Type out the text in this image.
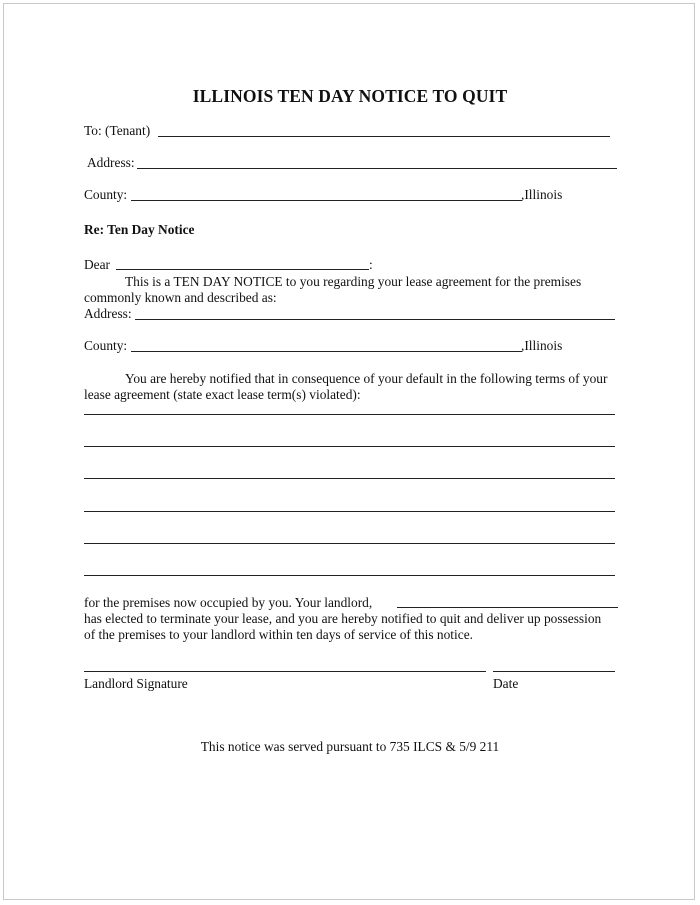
ILLINOIS TEN DAY NOTICE TO QUIT
To: (Tenant)
Address:
County:	,Illinois
Re: Ten Day Notice
Dear	:
This is a TEN DAY NOTICE to you regarding your lease agreement for the premises
commonly known and described as:
Address:
County:	,Illinois
You are hereby notified that in consequence of your default in the following terms of your
lease agreement (state exact lease term(s) violated):
for the premises now occupied by you. Your landlord,
has elected to terminate your lease, and you are hereby notified to quit and deliver up possession
of the premises to your landlord within ten days of service of this notice.
Landlord Signature	Date
This notice was served pursuant to 735 ILCS & 5/9 211
